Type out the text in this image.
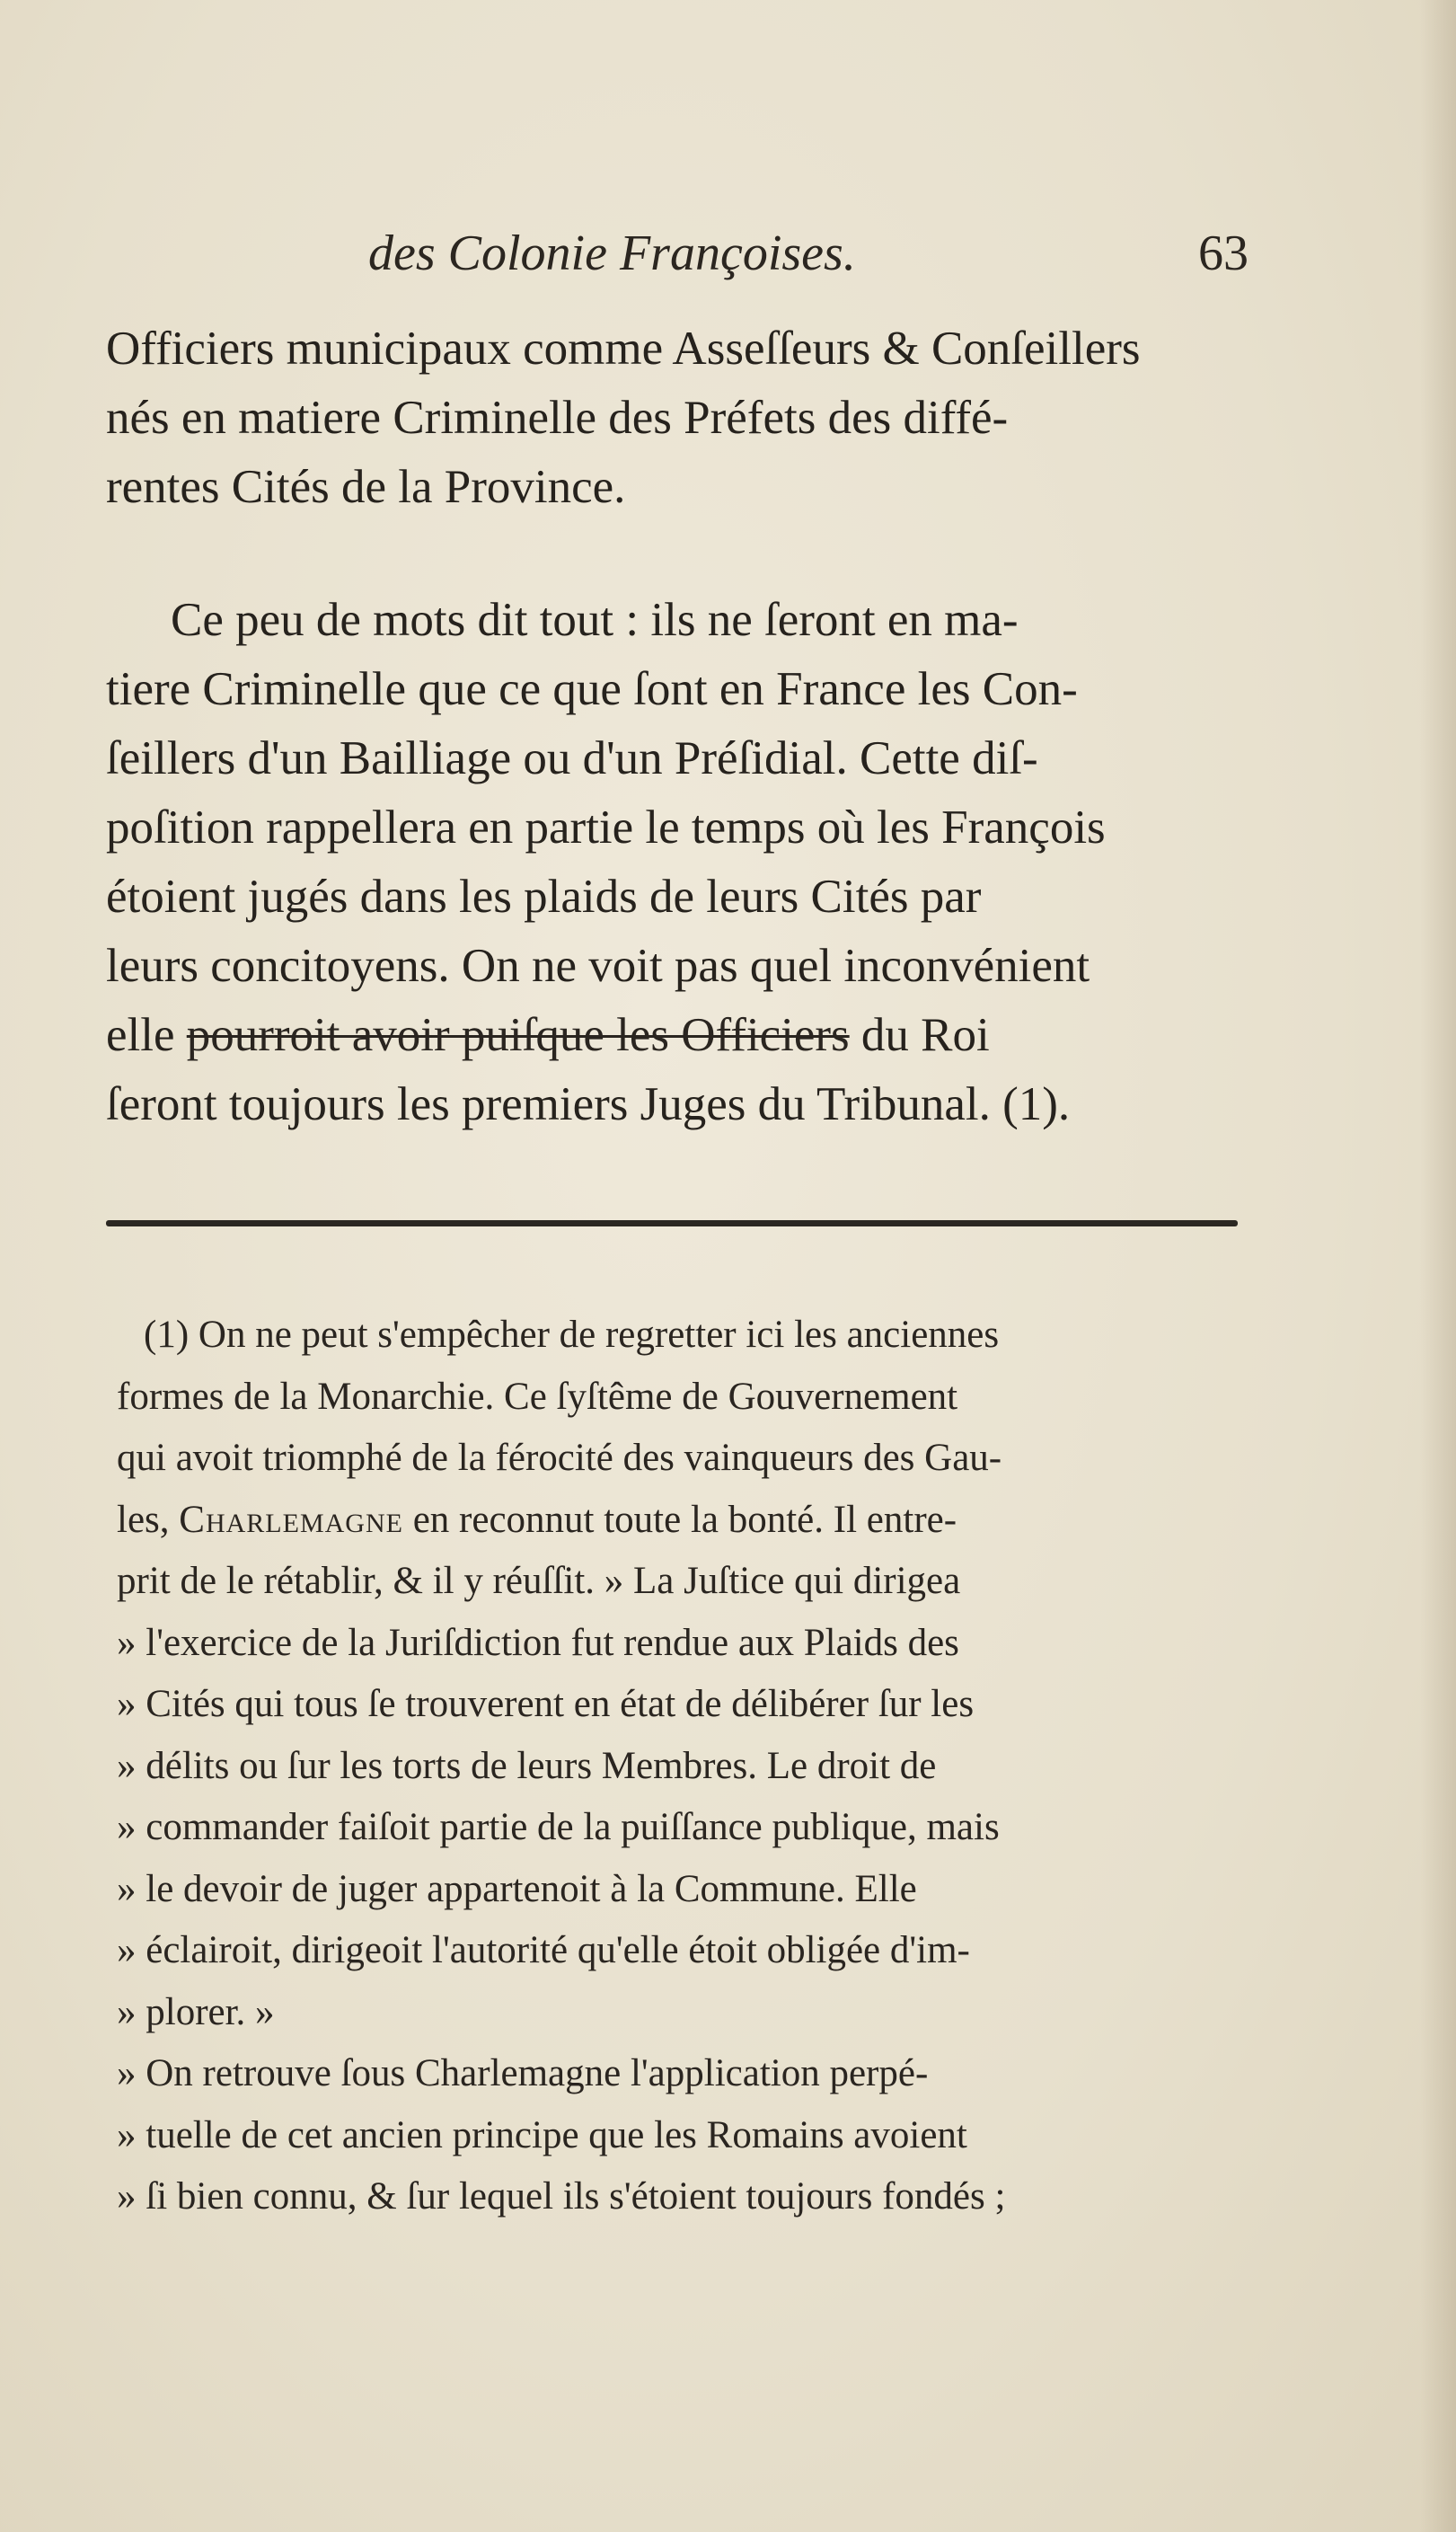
des Colonie Françoises.	63
Officiers municipaux comme Asseſſeurs & Conſeillers
nés en matiere Criminelle des Préfets des diffé-
rentes Cités de la Province.
Ce peu de mots dit tout : ils ne ſeront en ma-
tiere Criminelle que ce que ſont en France les Con-
ſeillers d'un Bailliage ou d'un Préſidial. Cette diſ-
poſition rappellera en partie le temps où les François
étoient jugés dans les plaids de leurs Cités par
leurs concitoyens. On ne voit pas quel inconvénient
elle pourroit avoir puiſque les Officiers du Roi
ſeront toujours les premiers Juges du Tribunal. (1).
(1) On ne peut s'empêcher de regretter ici les anciennes
formes de la Monarchie. Ce ſyſtême de Gouvernement
qui avoit triomphé de la férocité des vainqueurs des Gau-
les, Charlemagne en reconnut toute la bonté. Il entre-
prit de le rétablir, & il y réuſſit. » La Juſtice qui dirigea
» l'exercice de la Juriſdiction fut rendue aux Plaids des
» Cités qui tous ſe trouverent en état de délibérer ſur les
» délits ou ſur les torts de leurs Membres. Le droit de
» commander faiſoit partie de la puiſſance publique, mais
» le devoir de juger appartenoit à la Commune. Elle
» éclairoit, dirigeoit l'autorité qu'elle étoit obligée d'im-
» plorer. »
» On retrouve ſous Charlemagne l'application perpé-
» tuelle de cet ancien principe que les Romains avoient
» ſi bien connu, & ſur lequel ils s'étoient toujours fondés ;
